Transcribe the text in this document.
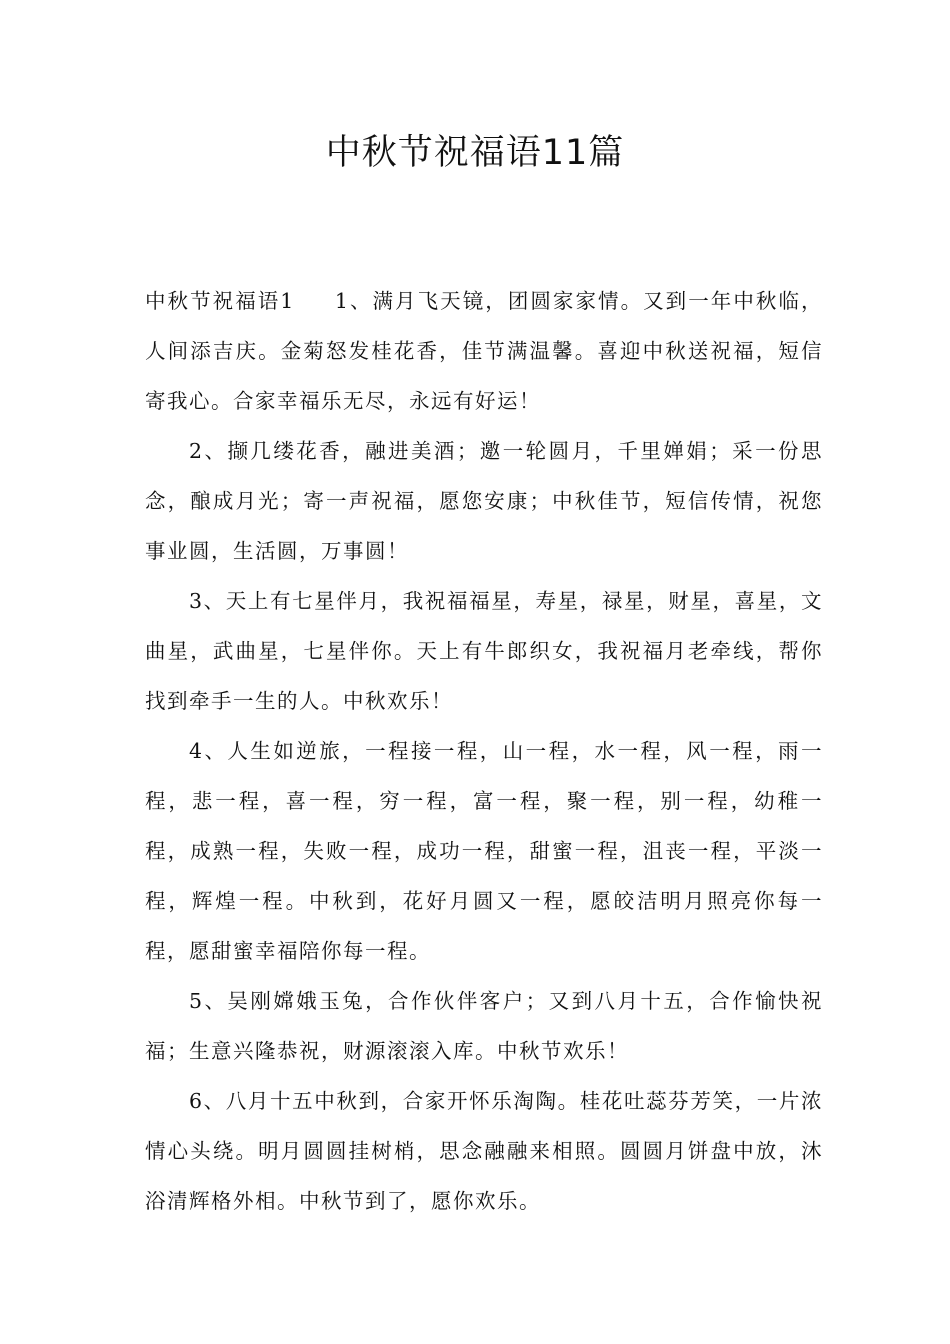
中秋节祝福语11篇

中秋节祝福语1 1、满月飞天镜，团圆家家情。又到一年中秋临，人间添吉庆。金菊怒发桂花香，佳节满温馨。喜迎中秋送祝福，短信寄我心。合家幸福乐无尽，永远有好运！

2、撷几缕花香，融进美酒；邀一轮圆月，千里婵娟；采一份思念，酿成月光；寄一声祝福，愿您安康；中秋佳节，短信传情，祝您事业圆，生活圆，万事圆！

3、天上有七星伴月，我祝福福星，寿星，禄星，财星，喜星，文曲星，武曲星，七星伴你。天上有牛郎织女，我祝福月老牵线，帮你找到牵手一生的人。中秋欢乐！

4、人生如逆旅，一程接一程，山一程，水一程，风一程，雨一程，悲一程，喜一程，穷一程，富一程，聚一程，别一程，幼稚一程，成熟一程，失败一程，成功一程，甜蜜一程，沮丧一程，平淡一程，辉煌一程。中秋到，花好月圆又一程，愿皎洁明月照亮你每一程，愿甜蜜幸福陪你每一程。

5、吴刚嫦娥玉兔，合作伙伴客户；又到八月十五，合作愉快祝福；生意兴隆恭祝，财源滚滚入库。中秋节欢乐！

6、八月十五中秋到，合家开怀乐淘陶。桂花吐蕊芬芳笑，一片浓情心头绕。明月圆圆挂树梢，思念融融来相照。圆圆月饼盘中放，沐浴清辉格外相。中秋节到了，愿你欢乐。
